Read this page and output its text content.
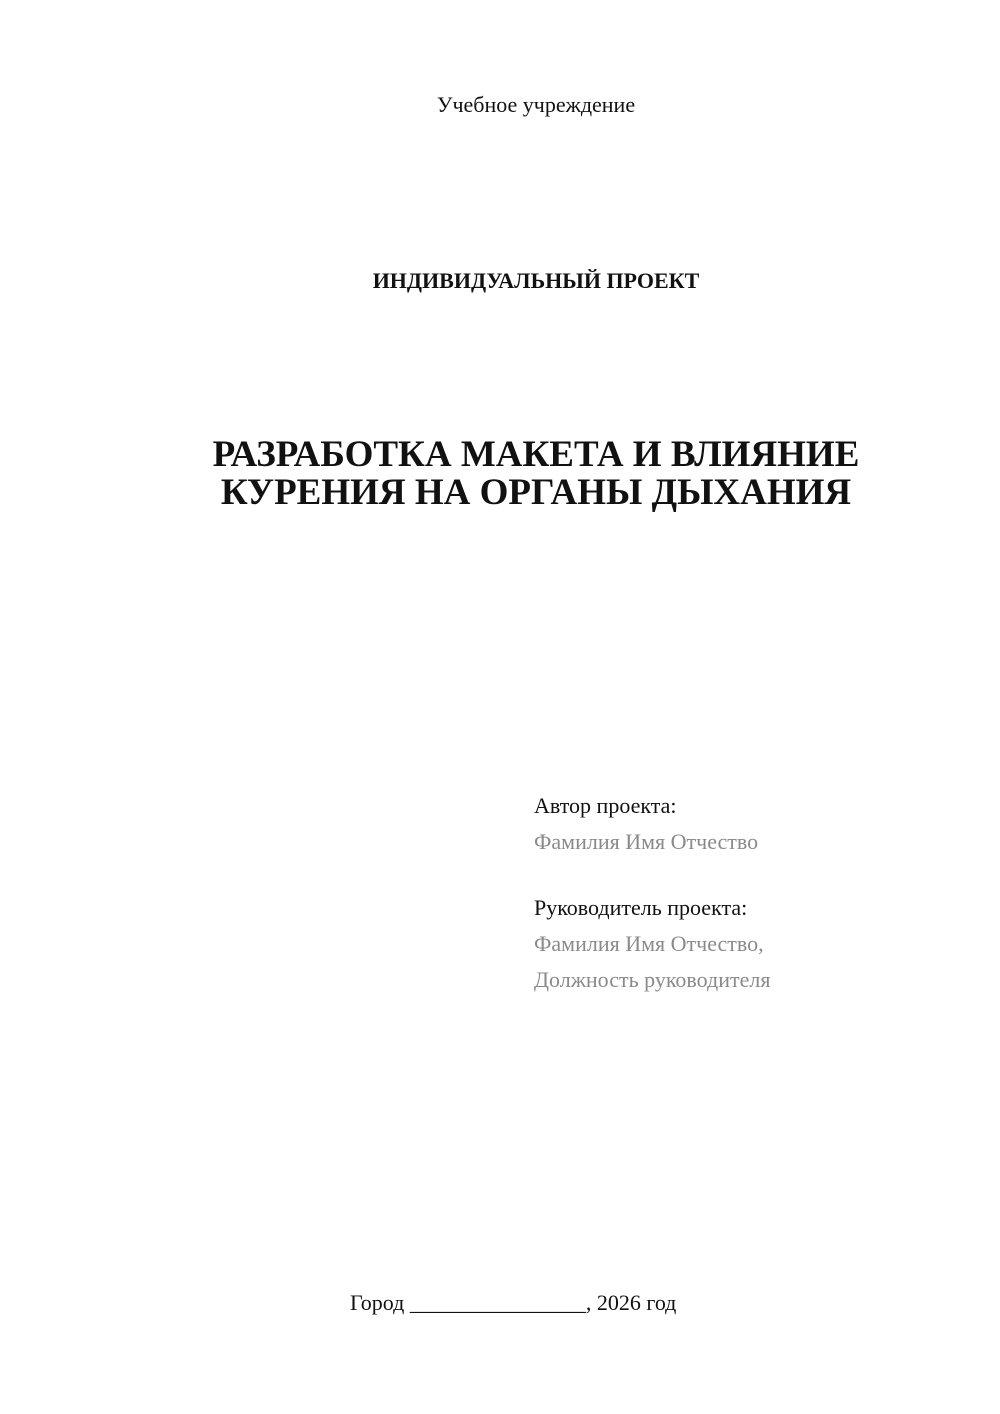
Учебное учреждение
ИНДИВИДУАЛЬНЫЙ ПРОЕКТ
РАЗРАБОТКА МАКЕТА И ВЛИЯНИЕ
КУРЕНИЯ НА ОРГАНЫ ДЫХАНИЯ
Автор проекта:
Фамилия Имя Отчество
Руководитель проекта:
Фамилия Имя Отчество,
Должность руководителя
Город ________________, 2026 год
